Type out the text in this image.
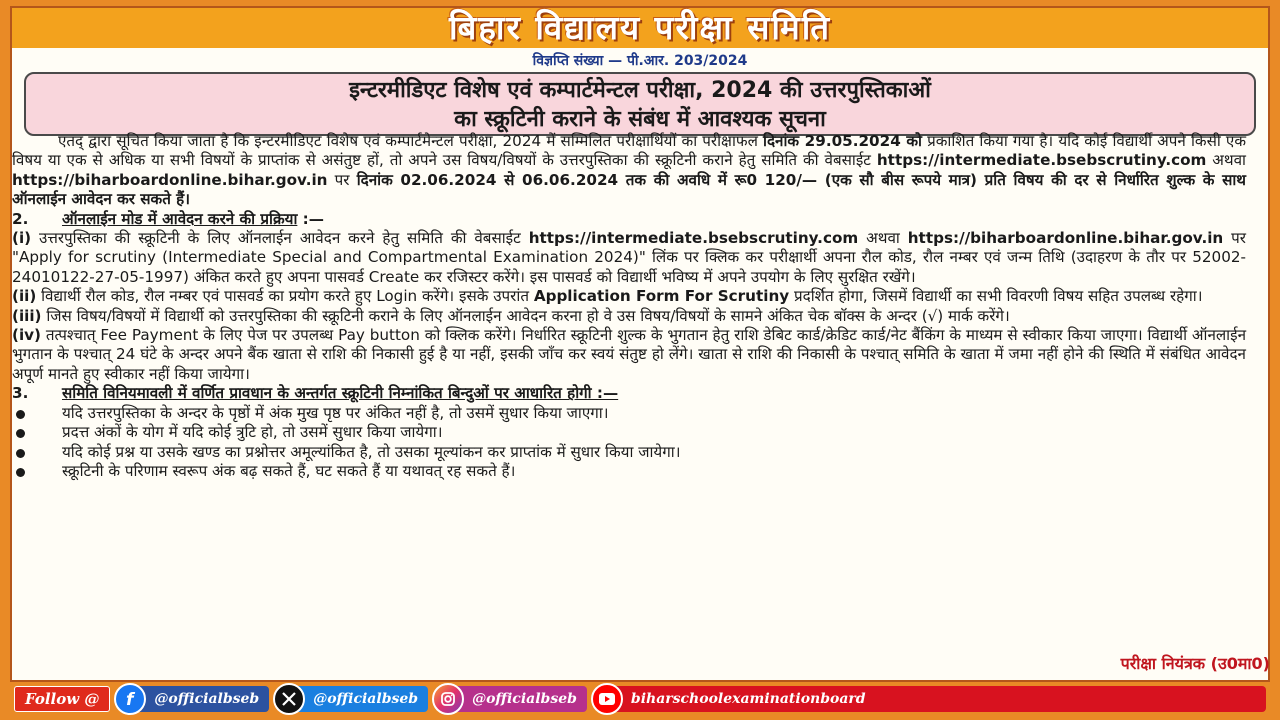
बिहार विद्यालय परीक्षा समिति
विज्ञप्ति संख्या — पी.आर. 203/2024
इन्टरमीडिएट विशेष एवं कम्पार्टमेन्टल परीक्षा, 2024 की उत्तरपुस्तिकाओं
का स्क्रूटिनी कराने के संबंध में आवश्यक सूचना

एतद् द्वारा सूचित किया जाता है कि इन्टरमीडिएट विशेष एवं कम्पार्टमेन्टल परीक्षा, 2024 में सम्मिलित परीक्षार्थियों का परीक्षाफल दिनांक 29.05.2024 को प्रकाशित किया गया है। यदि कोई विद्यार्थी अपने किसी एक विषय या एक से अधिक या सभी विषयों के प्राप्तांक से असंतुष्ट हों, तो अपने उस विषय/विषयों के उत्तरपुस्तिका की स्क्रूटिनी कराने हेतु समिति की वेबसाईट https://intermediate.bsebscrutiny.com अथवा https://biharboardonline.bihar.gov.in पर दिनांक 02.06.2024 से 06.06.2024 तक की अवधि में रू0 120/— (एक सौ बीस रूपये मात्र) प्रति विषय की दर से निर्धारित शुल्क के साथ ऑनलाईन आवेदन कर सकते हैं।

2. ऑनलाईन मोड में आवेदन करने की प्रक्रिया :—

(i) उत्तरपुस्तिका की स्क्रूटिनी के लिए ऑनलाईन आवेदन करने हेतु समिति की वेबसाईट https://intermediate.bsebscrutiny.com अथवा https://biharboardonline.bihar.gov.in पर "Apply for scrutiny (Intermediate Special and Compartmental Examination 2024)" लिंक पर क्लिक कर परीक्षार्थी अपना रौल कोड, रौल नम्बर एवं जन्म तिथि (उदाहरण के तौर पर 52002-24010122-27-05-1997) अंकित करते हुए अपना पासवर्ड Create कर रजिस्टर करेंगे। इस पासवर्ड को विद्यार्थी भविष्य में अपने उपयोग के लिए सुरक्षित रखेंगे।

(ii) विद्यार्थी रौल कोड, रौल नम्बर एवं पासवर्ड का प्रयोग करते हुए Login करेंगे। इसके उपरांत Application Form For Scrutiny प्रदर्शित होगा, जिसमें विद्यार्थी का सभी विवरणी विषय सहित उपलब्ध रहेगा।

(iii) जिस विषय/विषयों में विद्यार्थी को उत्तरपुस्तिका की स्क्रूटिनी कराने के लिए ऑनलाईन आवेदन करना हो वे उस विषय/विषयों के सामने अंकित चेक बॉक्स के अन्दर (√) मार्क करेंगे।

(iv) तत्पश्चात् Fee Payment के लिए पेज पर उपलब्ध Pay button को क्लिक करेंगे। निर्धारित स्क्रूटिनी शुल्क के भुगतान हेतु राशि डेबिट कार्ड/क्रेडिट कार्ड/नेट बैंकिंग के माध्यम से स्वीकार किया जाएगा। विद्यार्थी ऑनलाईन भुगतान के पश्चात् 24 घंटे के अन्दर अपने बैंक खाता से राशि की निकासी हुई है या नहीं, इसकी जाँच कर स्वयं संतुष्ट हो लेंगे। खाता से राशि की निकासी के पश्चात् समिति के खाता में जमा नहीं होने की स्थिति में संबंधित आवेदन अपूर्ण मानते हुए स्वीकार नहीं किया जायेगा।

3. समिति विनियमावली में वर्णित प्रावधान के अन्तर्गत स्क्रूटिनी निम्नांकित बिन्दुओं पर आधारित होगी :—

यदि उत्तरपुस्तिका के अन्दर के पृष्ठों में अंक मुख पृष्ठ पर अंकित नहीं है, तो उसमें सुधार किया जाएगा।
प्रदत्त अंकों के योग में यदि कोई त्रुटि हो, तो उसमें सुधार किया जायेगा।
यदि कोई प्रश्न या उसके खण्ड का प्रश्नोत्तर अमूल्यांकित है, तो उसका मूल्यांकन कर प्राप्तांक में सुधार किया जायेगा।
स्क्रूटिनी के परिणाम स्वरूप अंक बढ़ सकते हैं, घट सकते हैं या यथावत् रह सकते हैं।
परीक्षा नियंत्रक (उ0मा0)
Follow @	f @officialbseb	@officialbseb	@officialbseb	biharschoolexaminationboard
